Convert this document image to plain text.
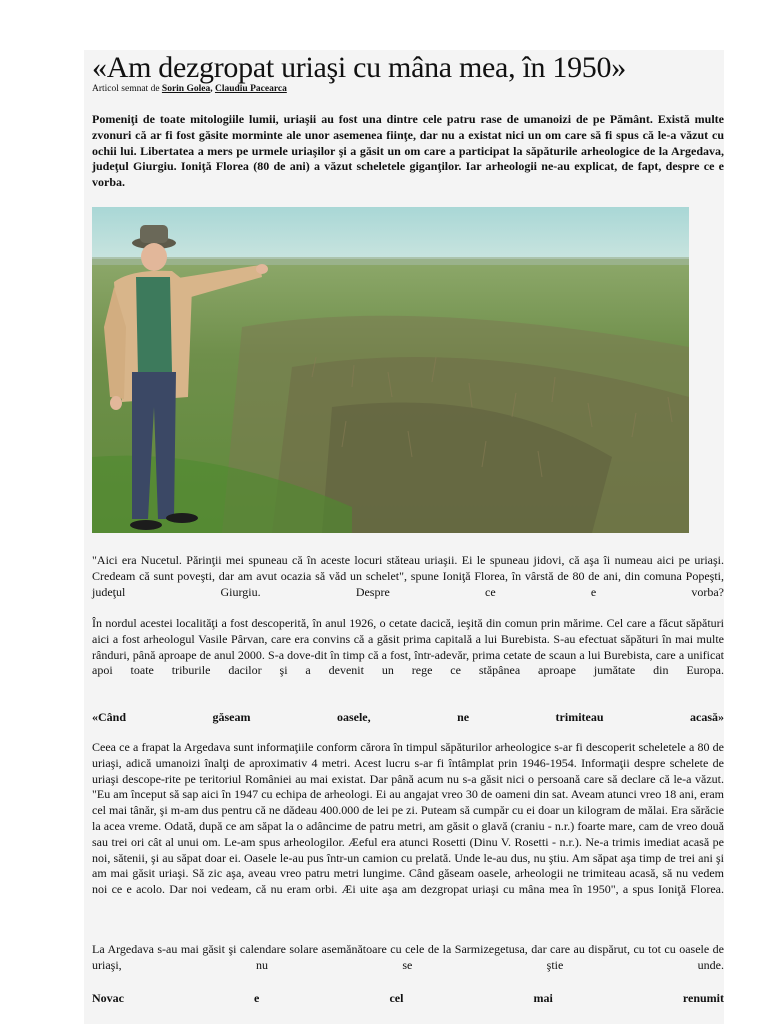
«Am dezgropat uriaşi cu mâna mea, în 1950»
Articol semnat de Sorin Golea, Claudiu Pacearca

Pomeniţi de toate mitologiile lumii, uriaşii au fost una dintre cele patru rase de umanoizi de pe Pământ. Există multe zvonuri că ar fi fost găsite morminte ale unor asemenea fiinţe, dar nu a existat nici un om care să fi spus că le-a văzut cu ochii lui. Libertatea a mers pe urmele uriaşilor şi a găsit un om care a participat la săpăturile arheologice de la Argedava, judeţul Giurgiu. Ioniţă Florea (80 de ani) a văzut scheletele giganţilor. Iar arheologii ne-au explicat, de fapt, despre ce e vorba.

"Aici era Nucetul. Părinţii mei spuneau că în aceste locuri stăteau uriaşii. Ei le spuneau jidovi, că aşa îi numeau aici pe uriaşi. Credeam că sunt poveşti, dar am avut ocazia să văd un schelet", spune Ioniţă Florea, în vârstă de 80 de ani, din comuna Popeşti, judeţul Giurgiu. Despre ce e vorba?

În nordul acestei localităţi a fost descoperită, în anul 1926, o cetate dacică, ieşită din comun prin mărime. Cel care a făcut săpături aici a fost arheologul Vasile Pârvan, care era convins că a găsit prima capitală a lui Burebista. S-au efectuat săpături în mai multe rânduri, până aproape de anul 2000. S-a dove-dit în timp că a fost, într-adevăr, prima cetate de scaun a lui Burebista, care a unificat apoi toate triburile dacilor şi a devenit un rege ce stăpânea aproape jumătate din Europa.

«Când găseam oasele, ne trimiteau acasă»

Ceea ce a frapat la Argedava sunt informaţiile conform cărora în timpul săpăturilor arheologice s-ar fi descoperit scheletele a 80 de uriaşi, adică umanoizi înalţi de aproximativ 4 metri. Acest lucru s-ar fi întâmplat prin 1946-1954. Informaţii despre schelete de uriaşi descope-rite pe teritoriul României au mai existat. Dar până acum nu s-a găsit nici o persoană care să declare că le-a văzut. "Eu am început să sap aici în 1947 cu echipa de arheologi. Ei au angajat vreo 30 de oameni din sat. Aveam atunci vreo 18 ani, eram cel mai tânăr, şi m-am dus pentru că ne dădeau 400.000 de lei pe zi. Puteam să cumpăr cu ei doar un kilogram de mălai. Era sărăcie la acea vreme. Odată, după ce am săpat la o adâncime de patru metri, am găsit o glavă (craniu - n.r.) foarte mare, cam de vreo două sau trei ori cât al unui om. Le-am spus arheologilor. Æeful era atunci Rosetti (Dinu V. Rosetti - n.r.). Ne-a trimis imediat acasă pe noi, sătenii, şi au săpat doar ei. Oasele le-au pus într-un camion cu prelată. Unde le-au dus, nu ştiu. Am săpat aşa timp de trei ani şi am mai găsit uriaşi. Să zic aşa, aveau vreo patru metri lungime. Când găseam oasele, arheologii ne trimiteau acasă, să nu vedem noi ce e acolo. Dar noi vedeam, că nu eram orbi. Æi uite aşa am dezgropat uriaşi cu mâna mea în 1950", a spus Ioniţă Florea.

La Argedava s-au mai găsit şi calendare solare asemănătoare cu cele de la Sarmizegetusa, dar care au dispărut, cu tot cu oasele de uriaşi, nu se ştie unde.

Novac e cel mai renumit
